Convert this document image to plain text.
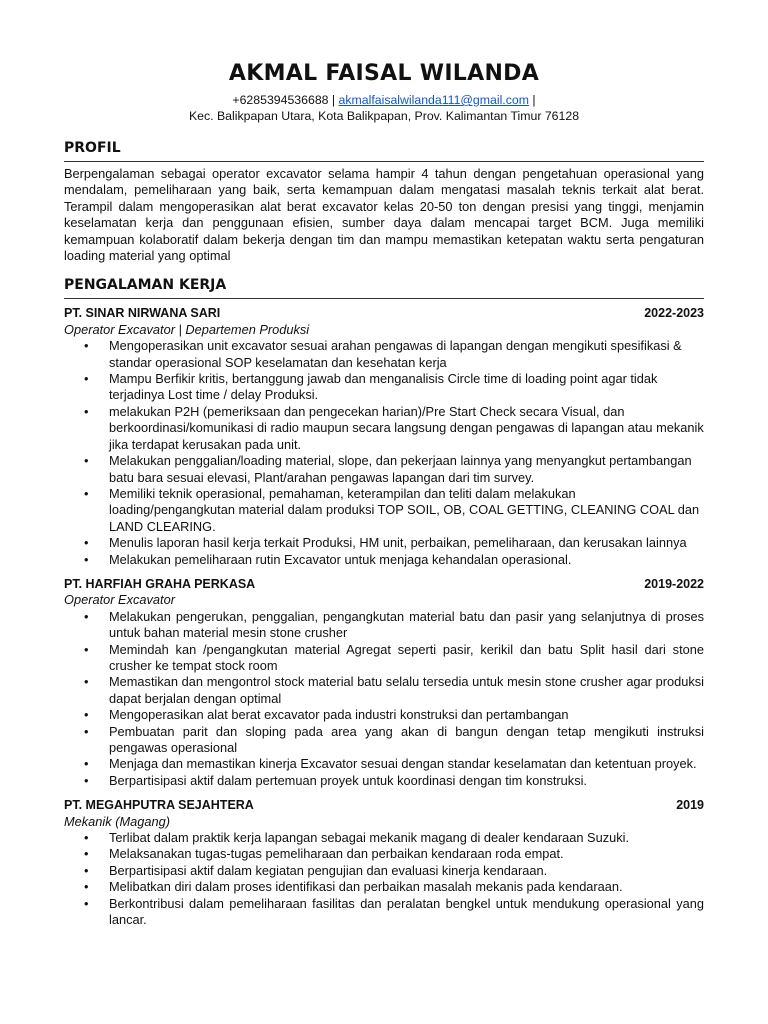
AKMAL FAISAL WILANDA
+6285394536688 | akmalfaisalwilanda111@gmail.com |
Kec. Balikpapan Utara, Kota Balikpapan, Prov. Kalimantan Timur 76128
PROFIL
Berpengalaman sebagai operator excavator selama hampir 4 tahun dengan pengetahuan operasional yang mendalam, pemeliharaan yang baik, serta kemampuan dalam mengatasi masalah teknis terkait alat berat. Terampil dalam mengoperasikan alat berat excavator kelas 20-50 ton dengan presisi yang tinggi, menjamin keselamatan kerja dan penggunaan efisien, sumber daya dalam mencapai target BCM. Juga memiliki kemampuan kolaboratif dalam bekerja dengan tim dan mampu memastikan ketepatan waktu serta pengaturan loading material yang optimal
PENGALAMAN KERJA
PT. SINAR NIRWANA SARI	2022-2023
Operator Excavator | Departemen Produksi
• Mengoperasikan unit excavator sesuai arahan pengawas di lapangan dengan mengikuti spesifikasi & standar operasional SOP keselamatan dan kesehatan kerja
• Mampu Berfikir kritis, bertanggung jawab dan menganalisis Circle time di loading point agar tidak terjadinya Lost time / delay Produksi.
• melakukan P2H (pemeriksaan dan pengecekan harian)/Pre Start Check secara Visual, dan berkoordinasi/komunikasi di radio maupun secara langsung dengan pengawas di lapangan atau mekanik jika terdapat kerusakan pada unit.
• Melakukan penggalian/loading material, slope, dan pekerjaan lainnya yang menyangkut pertambangan batu bara sesuai elevasi, Plant/arahan pengawas lapangan dari tim survey.
• Memiliki teknik operasional, pemahaman, keterampilan dan teliti dalam melakukan loading/pengangkutan material dalam produksi TOP SOIL, OB, COAL GETTING, CLEANING COAL dan LAND CLEARING.
• Menulis laporan hasil kerja terkait Produksi, HM unit, perbaikan, pemeliharaan, dan kerusakan lainnya
• Melakukan pemeliharaan rutin Excavator untuk menjaga kehandalan operasional.
PT. HARFIAH GRAHA PERKASA	2019-2022
Operator Excavator
• Melakukan pengerukan, penggalian, pengangkutan material batu dan pasir yang selanjutnya di proses untuk bahan material mesin stone crusher
• Memindah kan /pengangkutan material Agregat seperti pasir, kerikil dan batu Split hasil dari stone crusher ke tempat stock room
• Memastikan dan mengontrol stock material batu selalu tersedia untuk mesin stone crusher agar produksi dapat berjalan dengan optimal
• Mengoperasikan alat berat excavator pada industri konstruksi dan pertambangan
• Pembuatan parit dan sloping pada area yang akan di bangun dengan tetap mengikuti instruksi pengawas operasional
• Menjaga dan memastikan kinerja Excavator sesuai dengan standar keselamatan dan ketentuan proyek.
• Berpartisipasi aktif dalam pertemuan proyek untuk koordinasi dengan tim konstruksi.
PT. MEGAHPUTRA SEJAHTERA	2019
Mekanik (Magang)
• Terlibat dalam praktik kerja lapangan sebagai mekanik magang di dealer kendaraan Suzuki.
• Melaksanakan tugas-tugas pemeliharaan dan perbaikan kendaraan roda empat.
• Berpartisipasi aktif dalam kegiatan pengujian dan evaluasi kinerja kendaraan.
• Melibatkan diri dalam proses identifikasi dan perbaikan masalah mekanis pada kendaraan.
• Berkontribusi dalam pemeliharaan fasilitas dan peralatan bengkel untuk mendukung operasional yang lancar.
